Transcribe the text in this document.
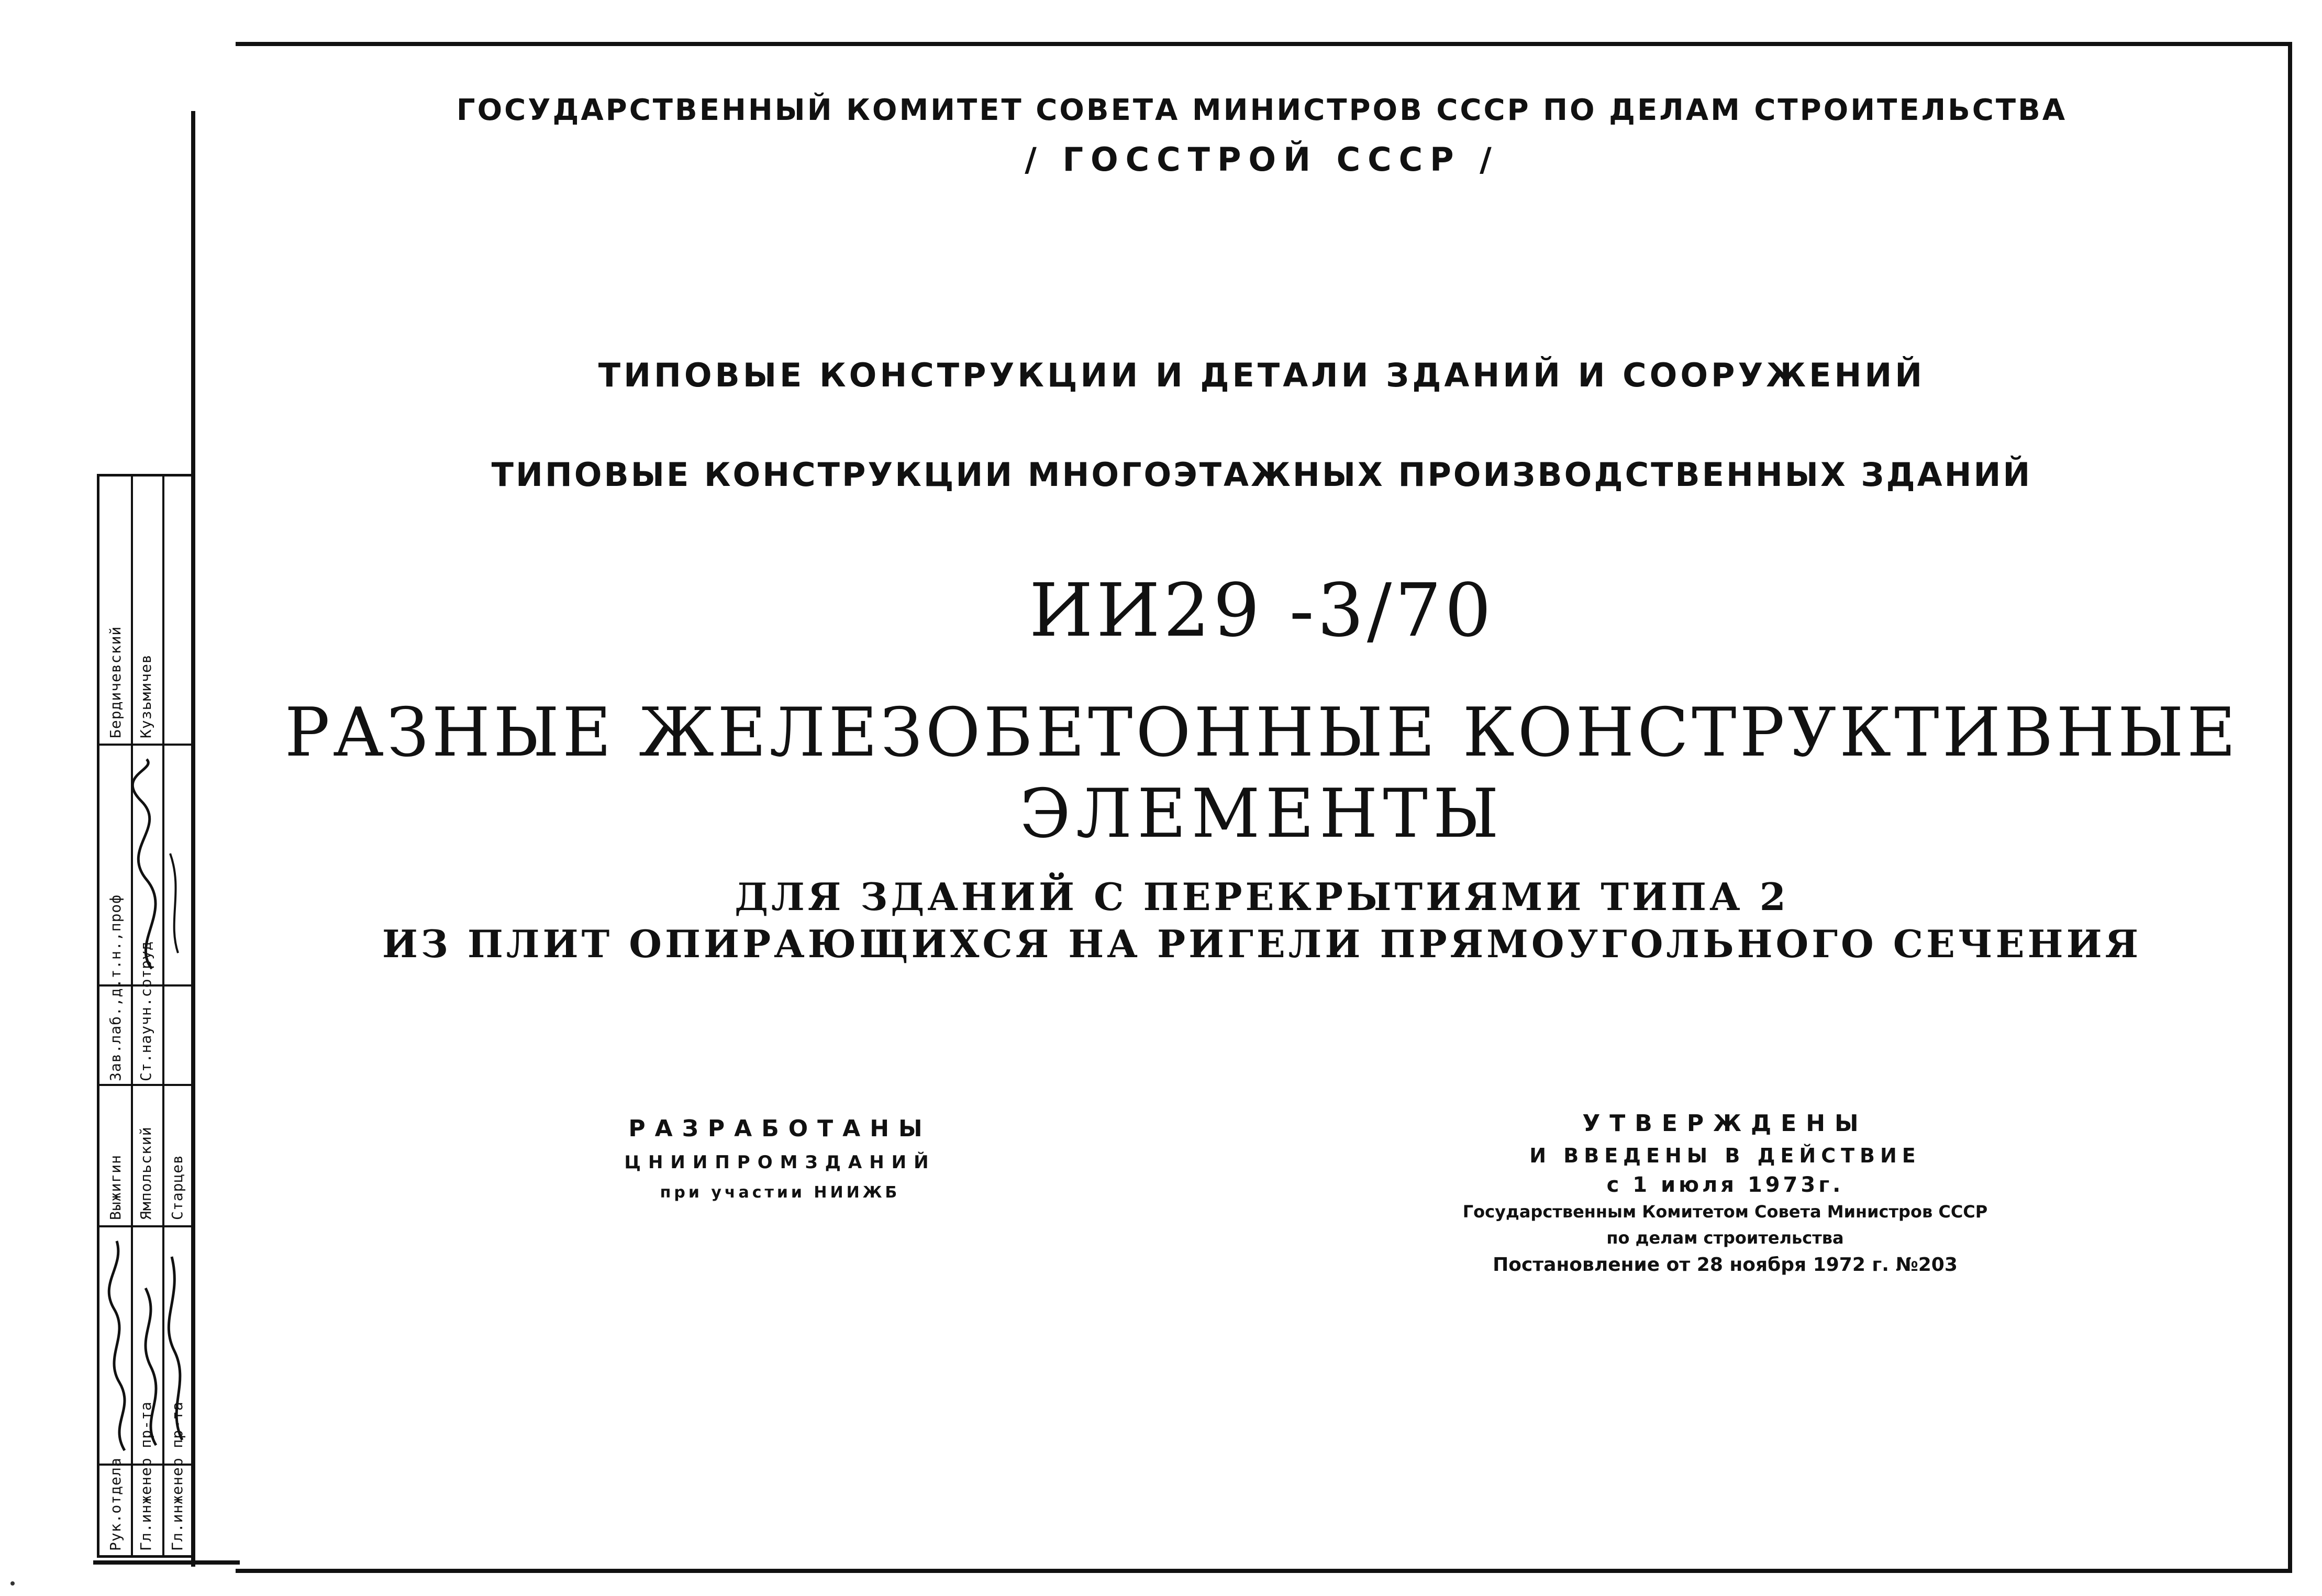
Гл.инженер пр-та
Гл.инженер пр-та
Рук.отдела
Старцев
Ямпольский
Выжигин
Ст.научн.сотруд
Зав.лаб.,д.т.н.,проф
Кузьмичев
Бердичевский
ГОСУДАРСТВЕННЫЙ КОМИТЕТ СОВЕТА МИНИСТРОВ СССР ПО ДЕЛАМ СТРОИТЕЛЬСТВА
/ ГОССТРОЙ СССР /
ТИПОВЫЕ КОНСТРУКЦИИ И ДЕТАЛИ ЗДАНИЙ И СООРУЖЕНИЙ
ТИПОВЫЕ КОНСТРУКЦИИ МНОГОЭТАЖНЫХ ПРОИЗВОДСТВЕННЫХ ЗДАНИЙ
ИИ29 -3/70
РАЗНЫЕ ЖЕЛЕЗОБЕТОННЫЕ КОНСТРУКТИВНЫЕ
ЭЛЕМЕНТЫ
ДЛЯ ЗДАНИЙ С ПЕРЕКРЫТИЯМИ ТИПА 2
ИЗ ПЛИТ ОПИРАЮЩИХСЯ НА РИГЕЛИ ПРЯМОУГОЛЬНОГО СЕЧЕНИЯ
РАЗРАБОТАНЫ
ЦНИИПРОМЗДАНИЙ
при участии НИИЖБ
УТВЕРЖДЕНЫ
И ВВЕДЕНЫ В ДЕЙСТВИЕ
с 1 июля 1973г.
Государственным Комитетом Совета Министров СССР
по делам строительства
Постановление от 28 ноября 1972 г. №203
